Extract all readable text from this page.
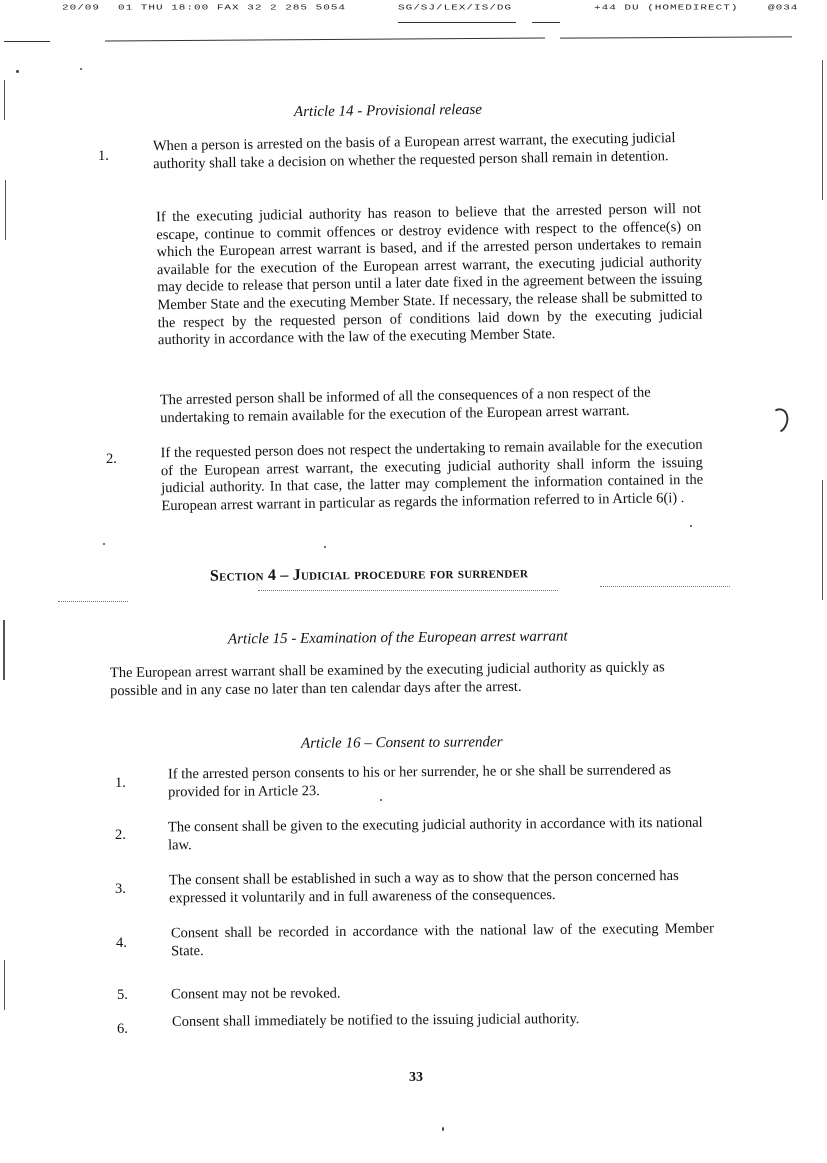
20/09 01 THU 18:00 FAX 32 2 285 5054	SG/SJ/LEX/IS/DG	+44 DU (HOMEDIRECT)	@034
Article 14 - Provisional release
1.
When a person is arrested on the basis of a European arrest warrant, the executing judicial authority shall take a decision on whether the requested person shall remain in detention.
If the executing judicial authority has reason to believe that the arrested person will not escape, continue to commit offences or destroy evidence with respect to the offence(s) on which the European arrest warrant is based, and if the arrested person undertakes to remain available for the execution of the European arrest warrant, the executing judicial authority may decide to release that person until a later date fixed in the agreement between the issuing Member State and the executing Member State. If necessary, the release shall be submitted to the respect by the requested person of conditions laid down by the executing judicial authority in accordance with the law of the executing Member State.
The arrested person shall be informed of all the consequences of a non respect of the undertaking to remain available for the execution of the European arrest warrant.
2.	If the requested person does not respect the undertaking to remain available for the execution of the European arrest warrant, the executing judicial authority shall inform the issuing judicial authority. In that case, the latter may complement the information contained in the European arrest warrant in particular as regards the information referred to in Article 6(i) .
Section 4 – Judicial procedure for surrender
Article 15 - Examination of the European arrest warrant
The European arrest warrant shall be examined by the executing judicial authority as quickly as possible and in any case no later than ten calendar days after the arrest.
Article 16 – Consent to surrender
1.
If the arrested person consents to his or her surrender, he or she shall be surrendered as provided for in Article 23.
2.	The consent shall be given to the executing judicial authority in accordance with its national law.
3.
The consent shall be established in such a way as to show that the person concerned has expressed it voluntarily and in full awareness of the consequences.
4.
Consent shall be recorded in accordance with the national law of the executing Member State.
5.	Consent may not be revoked.
6.	Consent shall immediately be notified to the issuing judicial authority.
33
